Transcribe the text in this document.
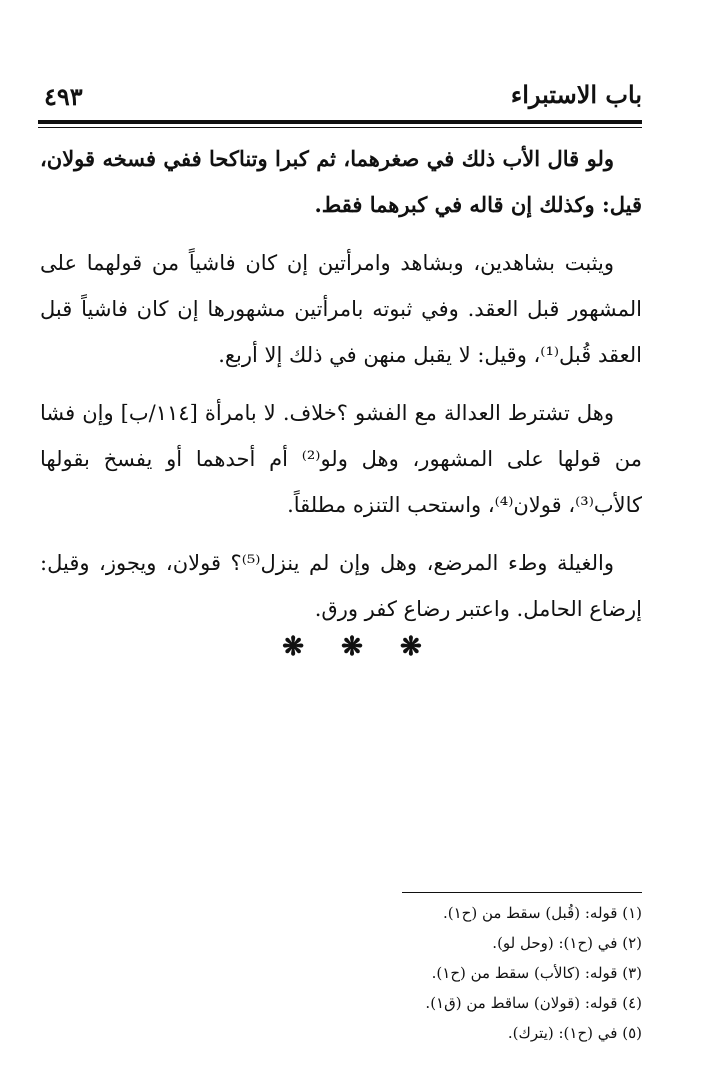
باب الاستبراء
٤٩٣

ولو قال الأب ذلك في صغرهما، ثم كبرا وتناكحا ففي فسخه قولان، قيل: وكذلك إن قاله في كبرهما فقط.

ويثبت بشاهدين، وبشاهد وامرأتين إن كان فاشياً من قولهما على المشهور قبل العقد. وفي ثبوته بامرأتين مشهورها إن كان فاشياً قبل العقد قُبل⁽¹⁾، وقيل: لا يقبل منهن في ذلك إلا أربع.

وهل تشترط العدالة مع الفشو ؟خلاف. لا بامرأة [١١٤/ب] وإن فشا من قولها على المشهور، وهل ولو⁽²⁾ أم أحدهما أو يفسخ بقولها كالأب⁽³⁾، قولان⁽⁴⁾، واستحب التنزه مطلقاً.

والغيلة وطء المرضع، وهل وإن لم ينزل⁽⁵⁾؟ قولان، ويجوز، وقيل: إرضاع الحامل. واعتبر رضاع كفر ورق.

❋ ❋ ❋
(١) قوله: (قُبل) سقط من (ح١).
(٢) في (ح١): (وحل لو).
(٣) قوله: (كالأب) سقط من (ح١).
(٤) قوله: (قولان) ساقط من (ق١).
(٥) في (ح١): (يترك).
